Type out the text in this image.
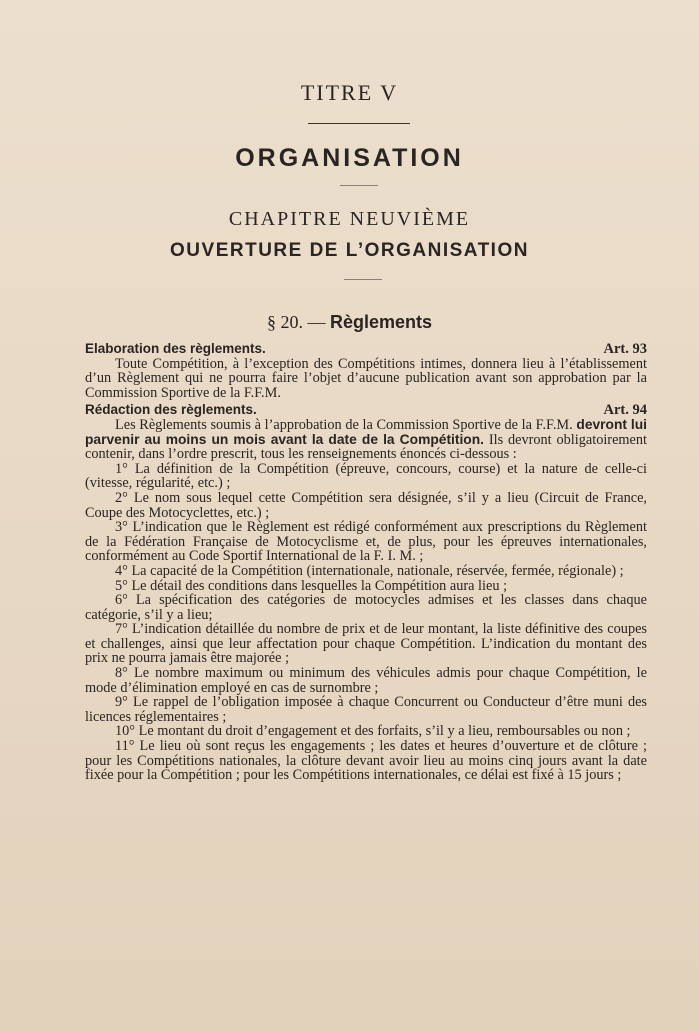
TITRE V
ORGANISATION
CHAPITRE NEUVIÈME
OUVERTURE DE L’ORGANISATION
§ 20. — Règlements
Elaboration des règlements.	Art. 93

Toute Compétition, à l’exception des Compétitions intimes, donnera lieu à l’établissement d’un Règlement qui ne pourra faire l’objet d’aucune publication avant son approbation par la Commission Sportive de la F.F.M.

Rédaction des règlements.	Art. 94

Les Règlements soumis à l’approbation de la Commission Sportive de la F.F.M. devront lui parvenir au moins un mois avant la date de la Compétition. Ils devront obligatoirement contenir, dans l’ordre prescrit, tous les renseignements énoncés ci-dessous :

1° La définition de la Compétition (épreuve, concours, course) et la nature de celle-ci (vitesse, régularité, etc.) ;

2° Le nom sous lequel cette Compétition sera désignée, s’il y a lieu (Circuit de France, Coupe des Motocyclettes, etc.) ;

3° L’indication que le Règlement est rédigé conformément aux prescriptions du Règlement de la Fédération Française de Motocyclisme et, de plus, pour les épreuves internationales, conformément au Code Sportif International de la F. I. M. ;

4° La capacité de la Compétition (internationale, nationale, réservée, fermée, régionale) ;

5° Le détail des conditions dans lesquelles la Compétition aura lieu ;

6° La spécification des catégories de motocycles admises et les classes dans chaque catégorie, s’il y a lieu;

7° L’indication détaillée du nombre de prix et de leur montant, la liste définitive des coupes et challenges, ainsi que leur affectation pour chaque Compétition. L’indication du montant des prix ne pourra jamais être majorée ;

8° Le nombre maximum ou minimum des véhicules admis pour chaque Compétition, le mode d’élimination employé en cas de surnombre ;

9° Le rappel de l’obligation imposée à chaque Concurrent ou Conducteur d’être muni des licences réglementaires ;

10° Le montant du droit d’engagement et des forfaits, s’il y a lieu, remboursables ou non ;

11° Le lieu où sont reçus les engagements ; les dates et heures d’ouverture et de clôture ; pour les Compétitions nationales, la clôture devant avoir lieu au moins cinq jours avant la date fixée pour la Compétition ; pour les Compétitions internationales, ce délai est fixé à 15 jours ;
